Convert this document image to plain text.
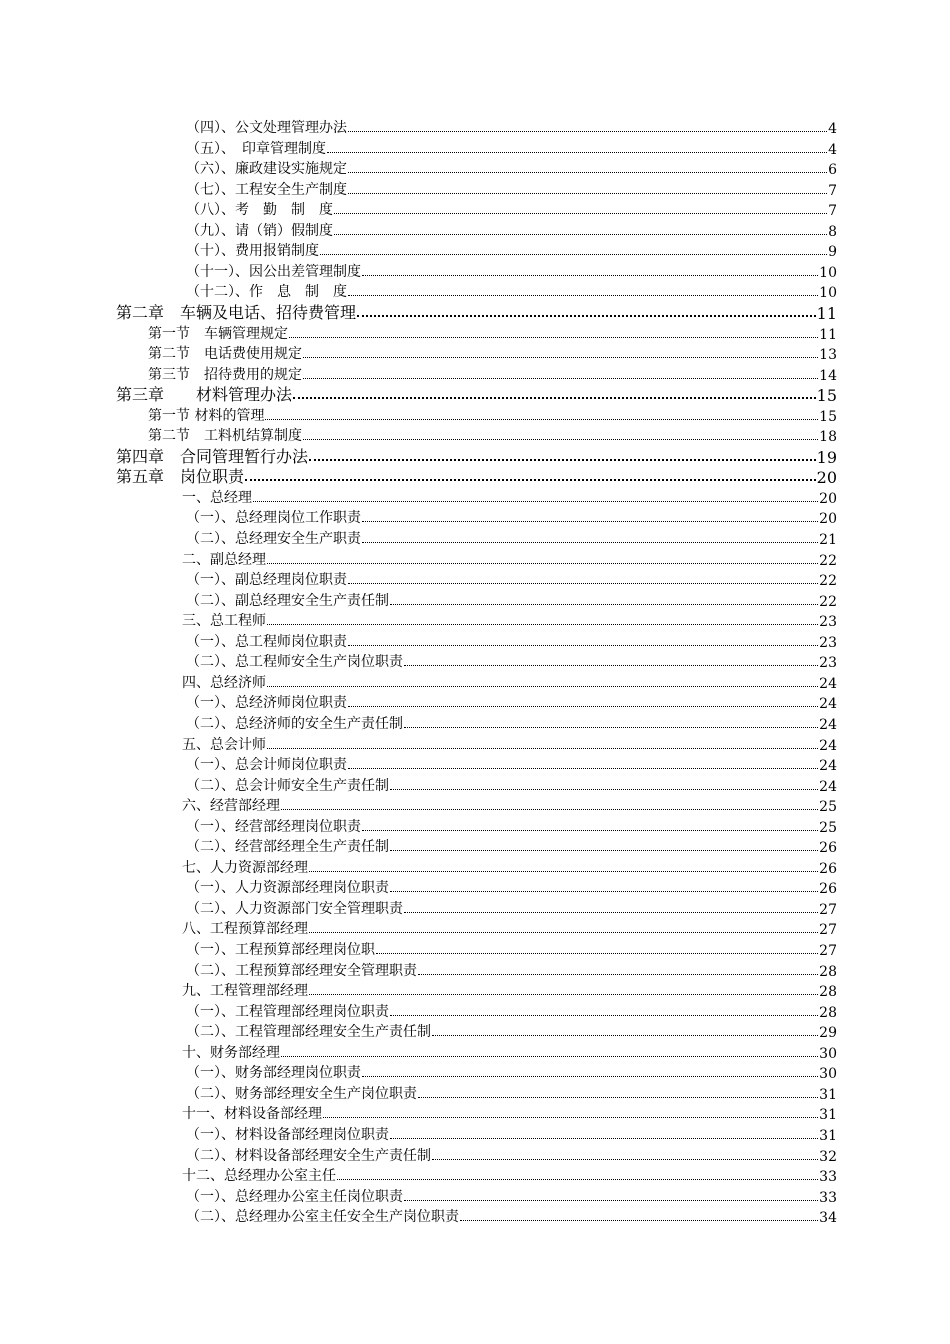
（四）、公文处理管理办法	4
（五）、　印章管理制度	4
（六）、廉政建设实施规定	6
（七）、工程安全生产制度	7
（八）、考　勤　制　度	7
（九）、请（销）假制度	8
（十）、费用报销制度	9
（十一）、因公出差管理制度	10
（十二）、作　息　制　度	10
第二章　车辆及电话、招待费管理	11
第一节　车辆管理规定	11
第二节　电话费使用规定	13
第三节　招待费用的规定	14
第三章　　材料管理办法	15
第一节 材料的管理	15
第二节　工料机结算制度	18
第四章　合同管理暂行办法	19
第五章　岗位职责	20
一、总经理	20
（一）、总经理岗位工作职责	20
（二）、总经理安全生产职责	21
二、副总经理	22
（一）、副总经理岗位职责	22
（二）、副总经理安全生产责任制	22
三、总工程师	23
（一）、总工程师岗位职责	23
（二）、总工程师安全生产岗位职责	23
四、总经济师	24
（一）、总经济师岗位职责	24
（二）、总经济师的安全生产责任制	24
五、总会计师	24
（一）、总会计师岗位职责	24
（二）、总会计师安全生产责任制	24
六、经营部经理	25
（一）、经营部经理岗位职责	25
（二）、经营部经理全生产责任制	26
七、人力资源部经理	26
（一）、人力资源部经理岗位职责	26
（二）、人力资源部门安全管理职责	27
八、工程预算部经理	27
（一）、工程预算部经理岗位职	27
（二）、工程预算部经理安全管理职责	28
九、工程管理部经理	28
（一）、工程管理部经理岗位职责	28
（二）、工程管理部经理安全生产责任制	29
十、财务部经理	30
（一）、财务部经理岗位职责	30
（二）、财务部经理安全生产岗位职责	31
十一、材料设备部经理	31
（一）、材料设备部经理岗位职责	31
（二）、材料设备部经理安全生产责任制	32
十二、总经理办公室主任	33
（一）、总经理办公室主任岗位职责	33
（二）、总经理办公室主任安全生产岗位职责	34
